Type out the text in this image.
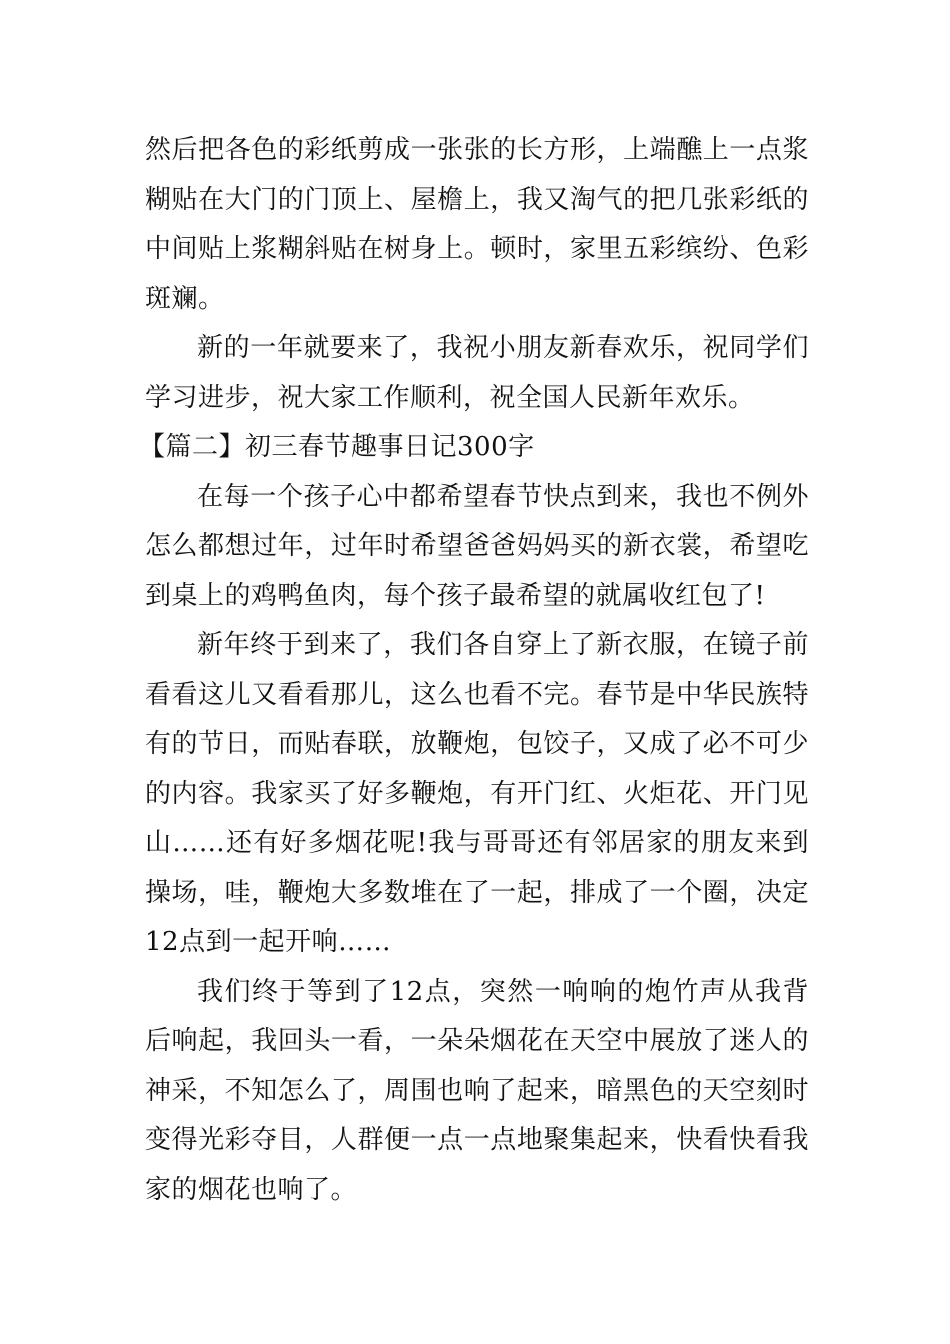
然后把各色的彩纸剪成一张张的长方形，上端醮上一点浆糊贴在大门的门顶上、屋檐上，我又淘气的把几张彩纸的中间贴上浆糊斜贴在树身上。顿时，家里五彩缤纷、色彩斑斓。

新的一年就要来了，我祝小朋友新春欢乐，祝同学们学习进步，祝大家工作顺利，祝全国人民新年欢乐。

【篇二】初三春节趣事日记300字

在每一个孩子心中都希望春节快点到来，我也不例外怎么都想过年，过年时希望爸爸妈妈买的新衣裳，希望吃到桌上的鸡鸭鱼肉，每个孩子最希望的就属收红包了!

新年终于到来了，我们各自穿上了新衣服，在镜子前看看这儿又看看那儿，这么也看不完。春节是中华民族特有的节日，而贴春联，放鞭炮，包饺子，又成了必不可少的内容。我家买了好多鞭炮，有开门红、火炬花、开门见山……还有好多烟花呢!我与哥哥还有邻居家的朋友来到操场，哇，鞭炮大多数堆在了一起，排成了一个圈，决定12点到一起开响……

我们终于等到了12点，突然一响响的炮竹声从我背后响起，我回头一看，一朵朵烟花在天空中展放了迷人的神采，不知怎么了，周围也响了起来，暗黑色的天空刻时变得光彩夺目，人群便一点一点地聚集起来，快看快看我家的烟花也响了。
